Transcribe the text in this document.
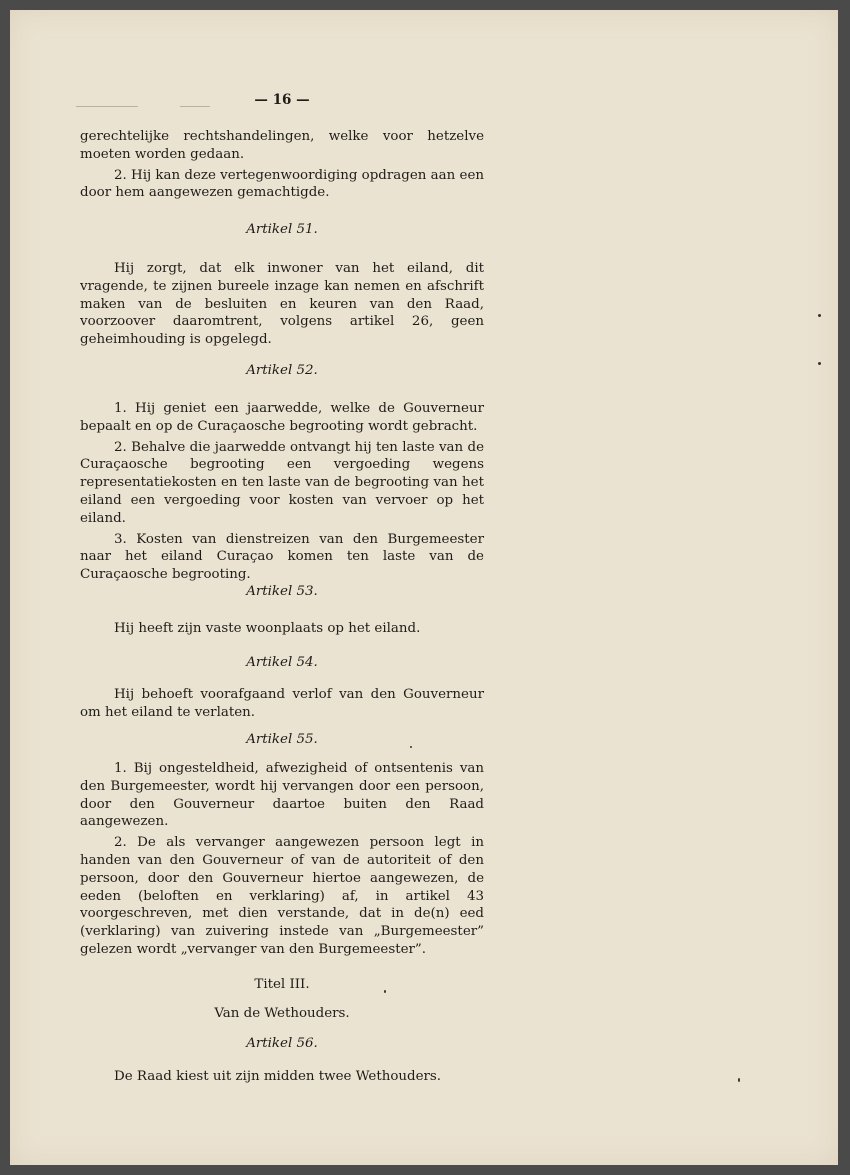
— 16 —

gerechtelijke rechtshandelingen, welke voor hetzelve moeten worden gedaan.

2. Hij kan deze vertegenwoordiging opdragen aan een door hem aangewezen gemachtigde.

Artikel 51.

Hij zorgt, dat elk inwoner van het eiland, dit vragende, te zijnen bureele inzage kan nemen en afschrift maken van de besluiten en keuren van den Raad, voorzoover daaromtrent, volgens artikel 26, geen geheimhouding is opgelegd.

Artikel 52.

1. Hij geniet een jaarwedde, welke de Gouverneur bepaalt en op de Curaçaosche begrooting wordt gebracht.

2. Behalve die jaarwedde ontvangt hij ten laste van de Curaçaosche begrooting een vergoeding wegens representatiekosten en ten laste van de begrooting van het eiland een vergoeding voor kosten van vervoer op het eiland.

3. Kosten van dienstreizen van den Burgemeester naar het eiland Curaçao komen ten laste van de Curaçaosche begrooting.

Artikel 53.

Hij heeft zijn vaste woonplaats op het eiland.

Artikel 54.

Hij behoeft voorafgaand verlof van den Gouverneur om het eiland te verlaten.

Artikel 55.

1. Bij ongesteldheid, afwezigheid of ontsentenis van den Burgemeester, wordt hij vervangen door een persoon, door den Gouverneur daartoe buiten den Raad aangewezen.

2. De als vervanger aangewezen persoon legt in handen van den Gouverneur of van de autoriteit of den persoon, door den Gouverneur hiertoe aangewezen, de eeden (beloften en verklaring) af, in artikel 43 voorgeschreven, met dien verstande, dat in de(n) eed (verklaring) van zuivering instede van „Burgemeester” gelezen wordt „vervanger van den Burgemeester”.

Titel III.
Van de Wethouders.
Artikel 56.

De Raad kiest uit zijn midden twee Wethouders.
